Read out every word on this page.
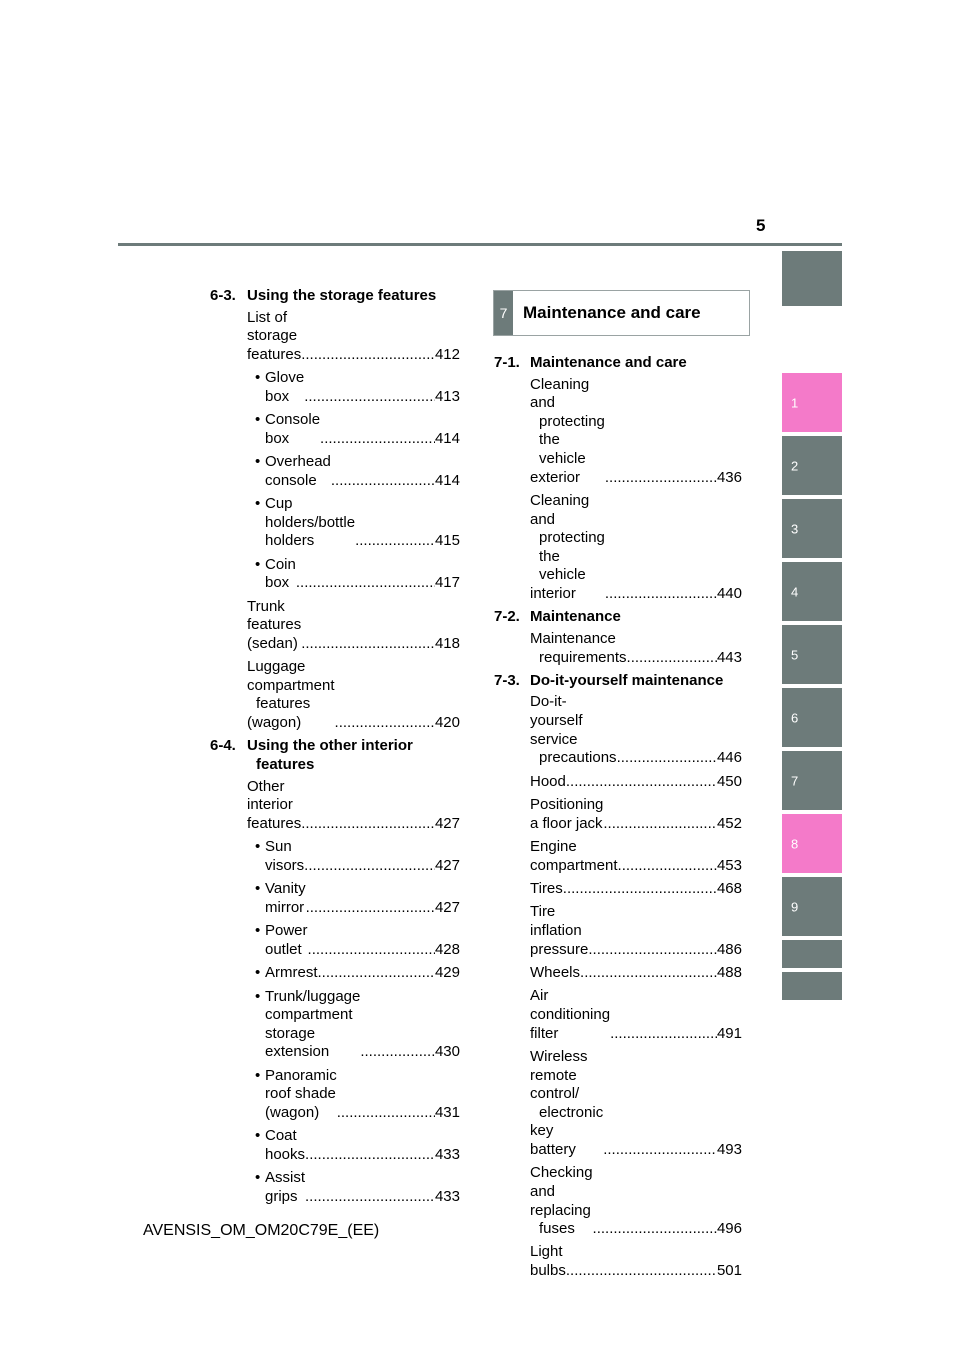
5
1
2
3
4
5
6
7
8
9
6-3. Using the storage features
List of storage features .....	412
• Glove box .....	413
• Console box .....	414
• Overhead console .....	414
• Cup holders/bottle
holders .....	415
• Coin box .....	417
Trunk features (sedan) .....	418
Luggage compartment
features (wagon) .....	420
6-4. Using the other interior
features
Other interior features .....	427
• Sun visors .....	427
• Vanity mirror .....	427
• Power outlet .....	428
• Armrest .....	429
• Trunk/luggage
compartment
storage extension .....	430
• Panoramic roof shade
(wagon) .....	431
• Coat hooks .....	433
• Assist grips .....	433
7 Maintenance and care
7-1. Maintenance and care
Cleaning and
protecting the
vehicle exterior .....	436
Cleaning and
protecting the
vehicle interior .....	440
7-2. Maintenance
Maintenance
requirements .....	443
7-3. Do-it-yourself maintenance
Do-it-yourself service
precautions .....	446
Hood .....	450
Positioning a floor jack .....	452
Engine compartment .....	453
Tires .....	468
Tire inflation pressure .....	486
Wheels .....	488
Air conditioning filter .....	491
Wireless remote control/
electronic key battery .....	493
Checking and replacing
fuses .....	496
Light bulbs .....	501
AVENSIS_OM_OM20C79E_(EE)
